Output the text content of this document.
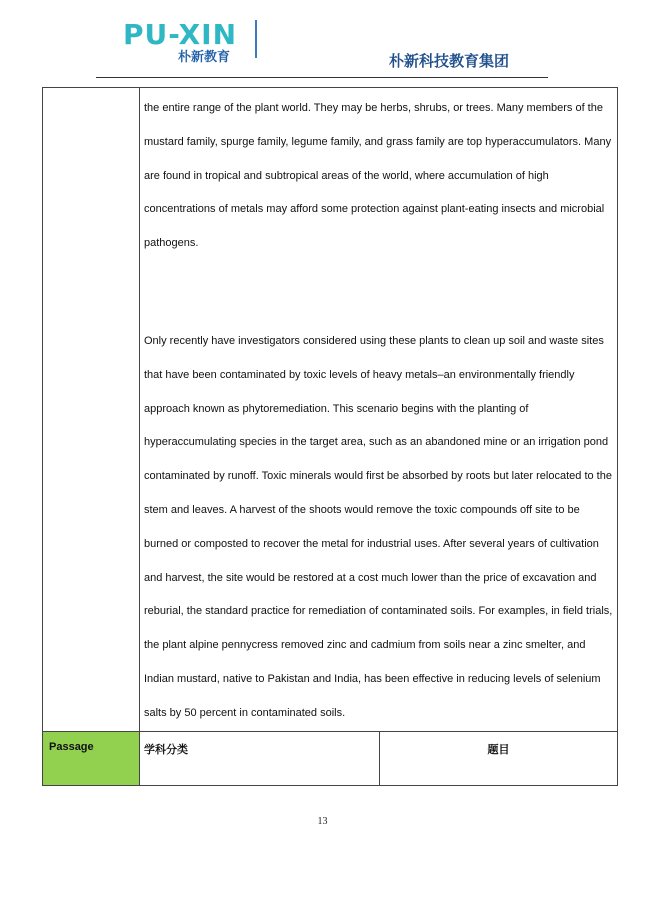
PU-XIN
朴新教育	朴新科技教育集团

	the entire range of the plant world. They may be herbs, shrubs, or trees. Many members of the mustard family, spurge family, legume family, and grass family are top hyperaccumulators. Many are found in tropical and subtropical areas of the world, where accumulation of high concentrations of metals may afford some protection against plant-eating insects and microbial pathogens.

Only recently have investigators considered using these plants to clean up soil and waste sites that have been contaminated by toxic levels of heavy metals–an environmentally friendly approach known as phytoremediation. This scenario begins with the planting of hyperaccumulating species in the target area, such as an abandoned mine or an irrigation pond contaminated by runoff. Toxic minerals would first be absorbed by roots but later relocated to the stem and leaves. A harvest of the shoots would remove the toxic compounds off site to be burned or composted to recover the metal for industrial uses. After several years of cultivation and harvest, the site would be restored at a cost much lower than the price of excavation and reburial, the standard practice for remediation of contaminated soils. For examples, in field trials, the plant alpine pennycress removed zinc and cadmium from soils near a zinc smelter, and Indian mustard, native to Pakistan and India, has been effective in reducing levels of selenium salts by 50 percent in contaminated soils.	

Passage	学科分类	题目
13
